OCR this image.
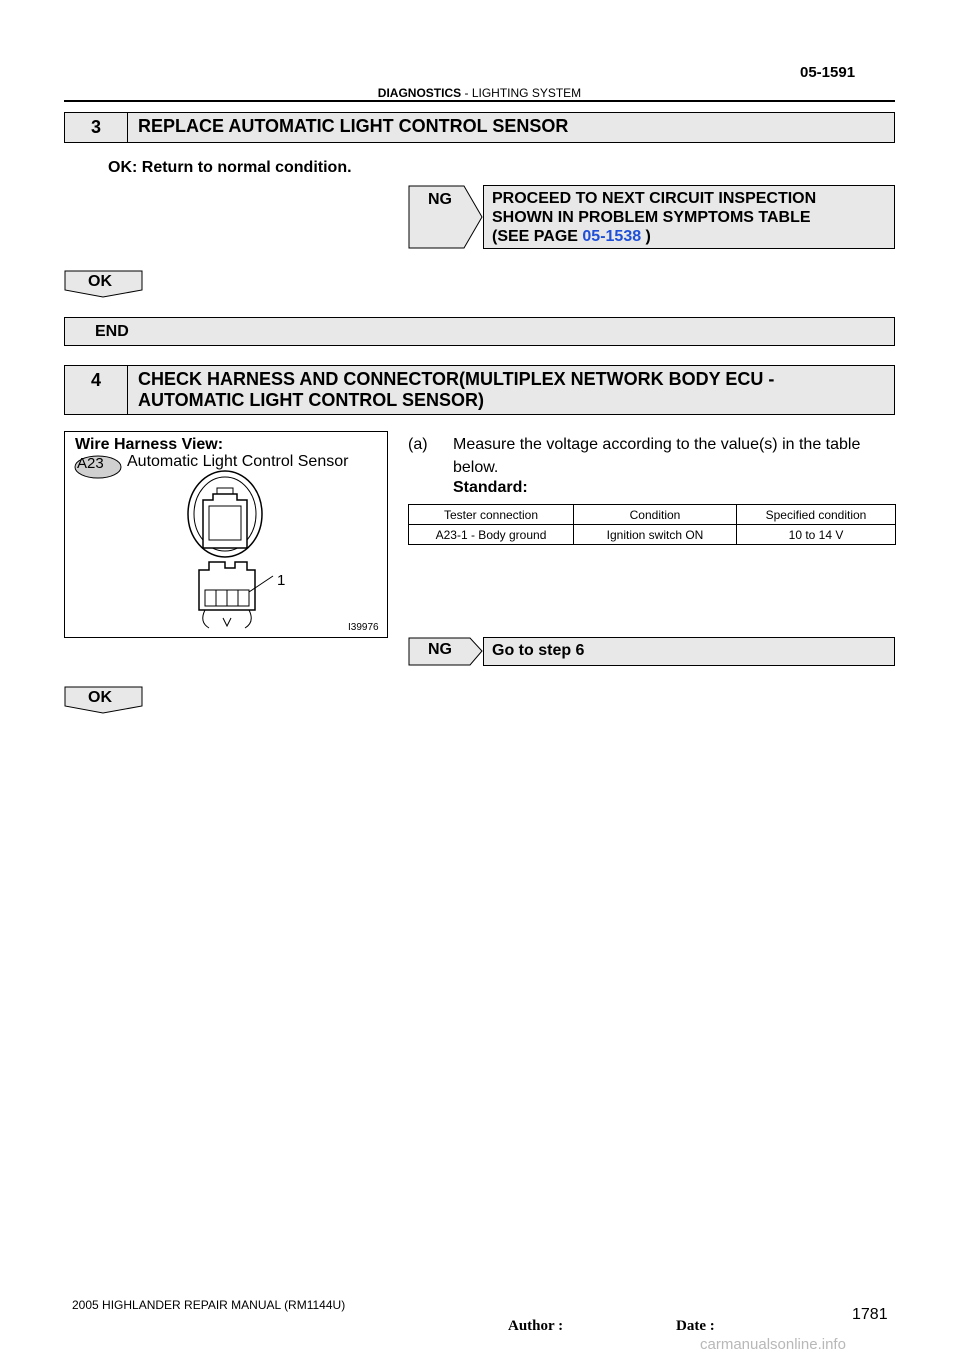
05-1591
DIAGNOSTICS - LIGHTING SYSTEM
3	REPLACE AUTOMATIC LIGHT CONTROL SENSOR
OK: Return to normal condition.
NG	PROCEED TO NEXT CIRCUIT INSPECTION
SHOWN IN PROBLEM SYMPTOMS TABLE
(SEE PAGE 05-1538 )
OK
END
4	CHECK HARNESS AND CONNECTOR(MULTIPLEX NETWORK BODY ECU -
AUTOMATIC LIGHT CONTROL SENSOR)
Wire Harness View:
A23 Automatic Light Control Sensor
1
I39976
(a) Measure the voltage according to the value(s) in the table below.
Standard:
Tester connection	Condition	Specified condition
A23-1 - Body ground	Ignition switch ON	10 to 14 V
NG	Go to step 6
OK
2005 HIGHLANDER REPAIR MANUAL (RM1144U)
Author :	Date :
1781
carmanualsonline.info
